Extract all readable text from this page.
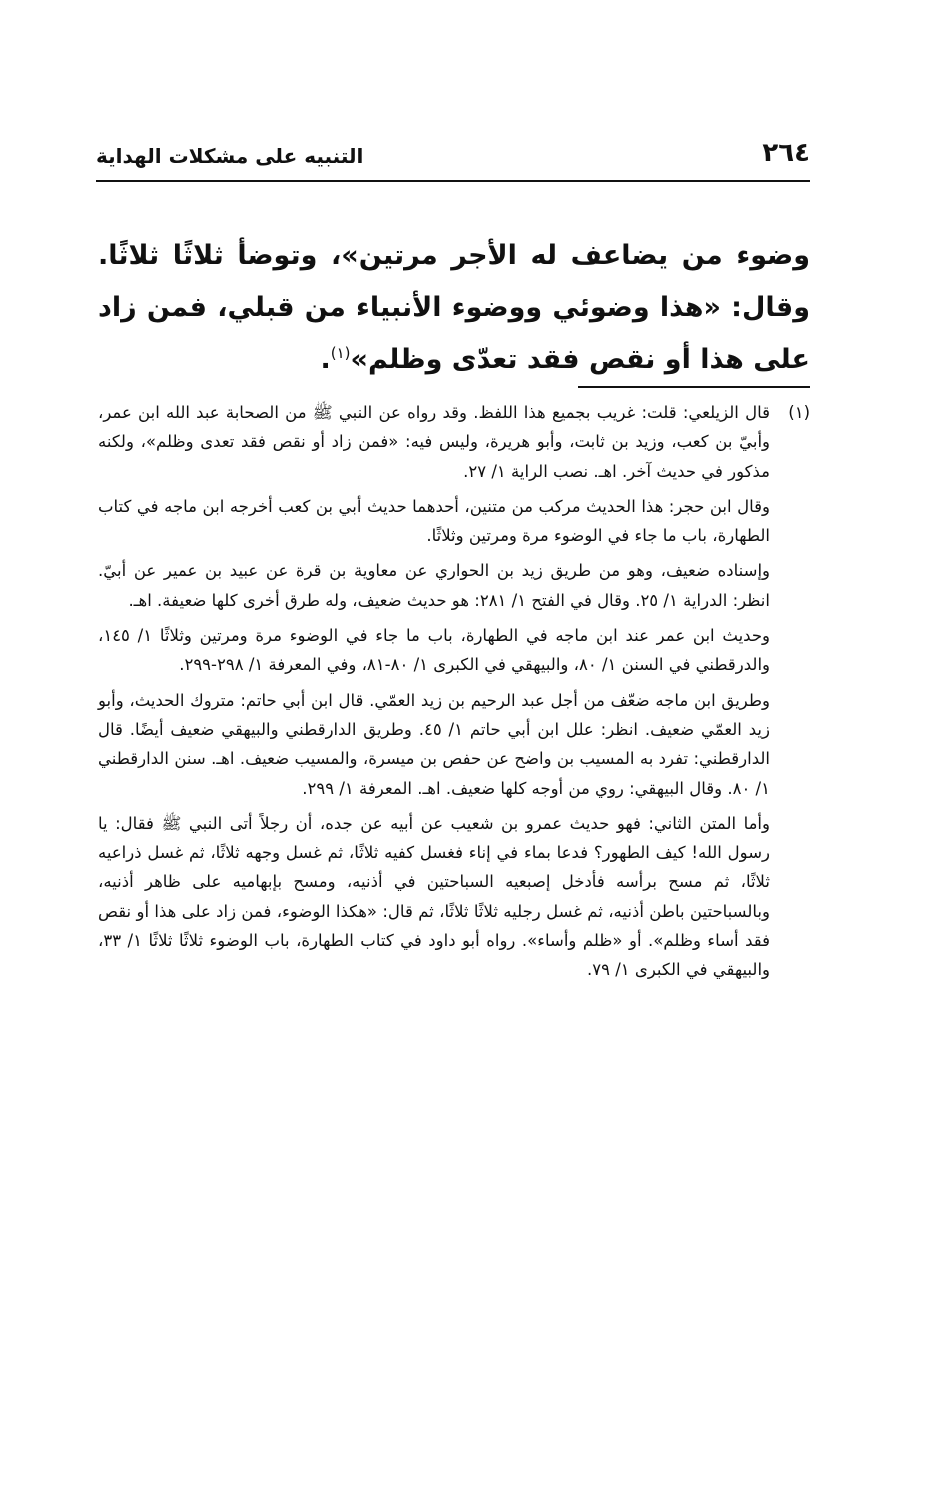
٢٦٤
التنبيه على مشكلات الهداية
وضوء من يضاعف له الأجر مرتين»، وتوضأ ثلاثًا ثلاثًا. وقال: «هذا وضوئي ووضوء الأنبياء من قبلي، فمن زاد على هذا أو نقص فقد تعدّى وظلم»$^{(١)}$.

(١)
قال الزيلعي: قلت: غريب بجميع هذا اللفظ. وقد رواه عن النبي ﷺ من الصحابة عبد الله ابن عمر، وأبيّ بن كعب، وزيد بن ثابت، وأبو هريرة، وليس فيه: «فمن زاد أو نقص فقد تعدى وظلم»، ولكنه مذكور في حديث آخر. اهـ. نصب الراية ١/ ٢٧.

وقال ابن حجر: هذا الحديث مركب من متنين، أحدهما حديث أبي بن كعب أخرجه ابن ماجه في كتاب الطهارة، باب ما جاء في الوضوء مرة ومرتين وثلاثًا.

وإسناده ضعيف، وهو من طريق زيد بن الحواري عن معاوية بن قرة عن عبيد بن عمير عن أبيّ. انظر: الدراية ١/ ٢٥. وقال في الفتح ١/ ٢٨١: هو حديث ضعيف، وله طرق أخرى كلها ضعيفة. اهـ.

وحديث ابن عمر عند ابن ماجه في الطهارة، باب ما جاء في الوضوء مرة ومرتين وثلاثًا ١/ ١٤٥، والدرقطني في السنن ١/ ٨٠، والبيهقي في الكبرى ١/ ٨٠-٨١، وفي المعرفة ١/ ٢٩٨-٢٩٩.

وطريق ابن ماجه ضعّف من أجل عبد الرحيم بن زيد العمّي. قال ابن أبي حاتم: متروك الحديث، وأبو زيد العمّي ضعيف. انظر: علل ابن أبي حاتم ١/ ٤٥. وطريق الدارقطني والبيهقي ضعيف أيضًا. قال الدارقطني: تفرد به المسيب بن واضح عن حفص بن ميسرة، والمسيب ضعيف. اهـ. سنن الدارقطني ١/ ٨٠. وقال البيهقي: روي من أوجه كلها ضعيف. اهـ. المعرفة ١/ ٢٩٩.

وأما المتن الثاني: فهو حديث عمرو بن شعيب عن أبيه عن جده، أن رجلاً أتى النبي ﷺ فقال: يا رسول الله! كيف الطهور؟ فدعا بماء في إناء فغسل كفيه ثلاثًا، ثم غسل وجهه ثلاثًا، ثم غسل ذراعيه ثلاثًا، ثم مسح برأسه فأدخل إصبعيه السباحتين في أذنيه، ومسح بإبهاميه على ظاهر أذنيه، وبالسباحتين باطن أذنيه، ثم غسل رجليه ثلاثًا ثلاثًا، ثم قال: «هكذا الوضوء، فمن زاد على هذا أو نقص فقد أساء وظلم». أو «ظلم وأساء». رواه أبو داود في كتاب الطهارة، باب الوضوء ثلاثًا ثلاثًا ١/ ٣٣، والبيهقي في الكبرى ١/ ٧٩.
